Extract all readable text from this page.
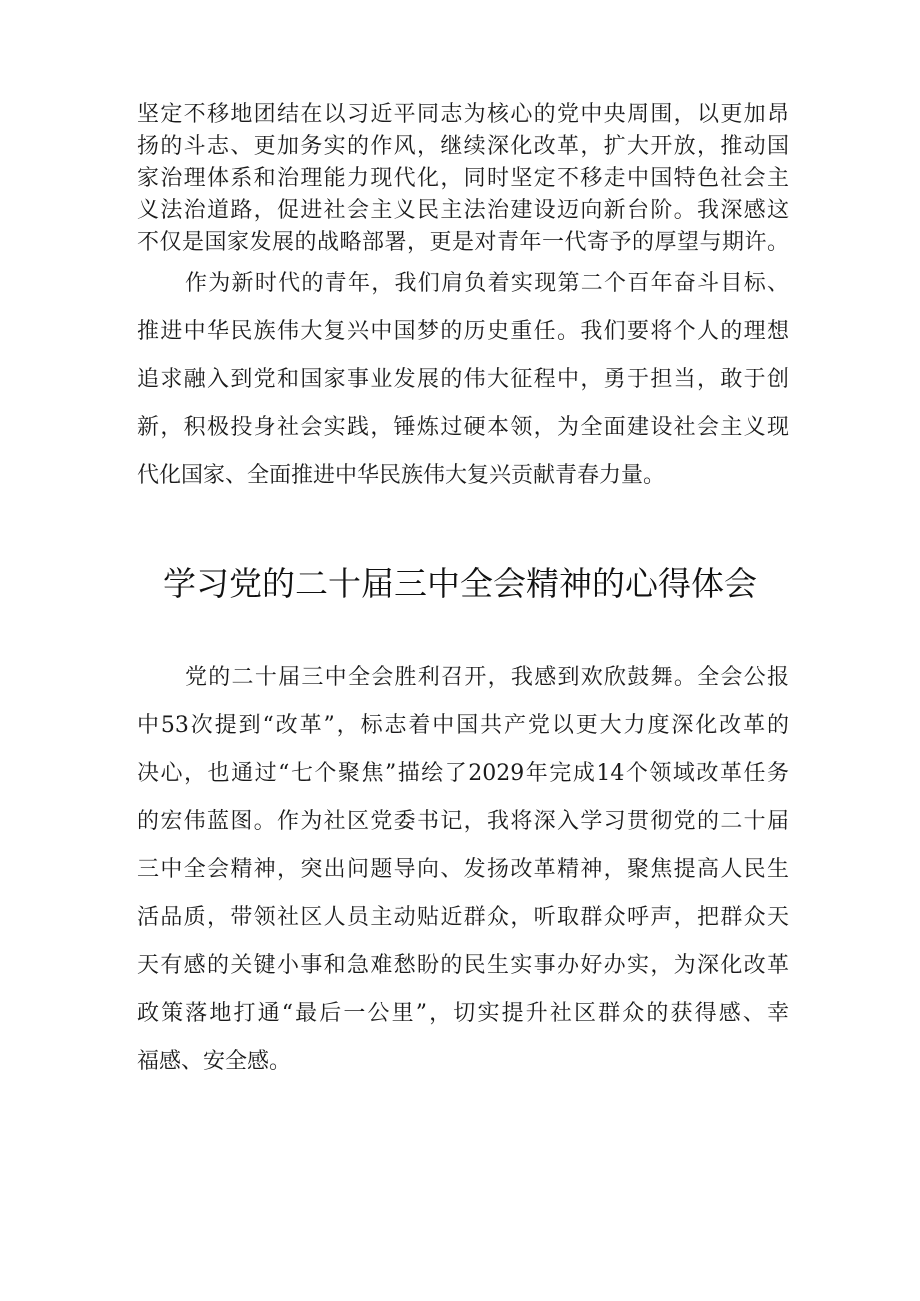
坚定不移地团结在以习近平同志为核心的党中央周围，以更加昂
扬的斗志、更加务实的作风，继续深化改革，扩大开放，推动国
家治理体系和治理能力现代化，同时坚定不移走中国特色社会主
义法治道路，促进社会主义民主法治建设迈向新台阶。我深感这
不仅是国家发展的战略部署，更是对青年一代寄予的厚望与期许。
作为新时代的青年，我们肩负着实现第二个百年奋斗目标、
推进中华民族伟大复兴中国梦的历史重任。我们要将个人的理想
追求融入到党和国家事业发展的伟大征程中，勇于担当，敢于创
新，积极投身社会实践，锤炼过硬本领，为全面建设社会主义现
代化国家、全面推进中华民族伟大复兴贡献青春力量。
学习党的二十届三中全会精神的心得体会
党的二十届三中全会胜利召开，我感到欢欣鼓舞。全会公报
中53次提到“改革”，标志着中国共产党以更大力度深化改革的
决心，也通过“七个聚焦”描绘了2029年完成14个领域改革任务
的宏伟蓝图。作为社区党委书记，我将深入学习贯彻党的二十届
三中全会精神，突出问题导向、发扬改革精神，聚焦提高人民生
活品质，带领社区人员主动贴近群众，听取群众呼声，把群众天
天有感的关键小事和急难愁盼的民生实事办好办实，为深化改革
政策落地打通“最后一公里”，切实提升社区群众的获得感、幸
福感、安全感。
